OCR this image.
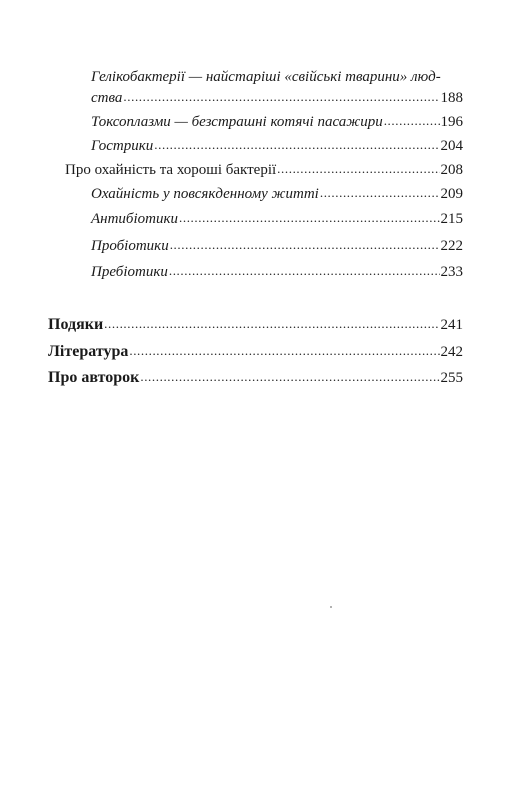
Гелікобактерії — найстаріші «свійські тварини» люд-
ства .....	188
Токсоплазми — безстрашні котячі пасажири .....	196
Гострики .....	204
Про охайність та хороші бактерії .....	208
Охайність у повсякденному житті .....	209
Антибіотики .....	215
Пробіотики .....	222
Пребіотики .....	233
Подяки .....	241
Література .....	242
Про авторок .....	255
